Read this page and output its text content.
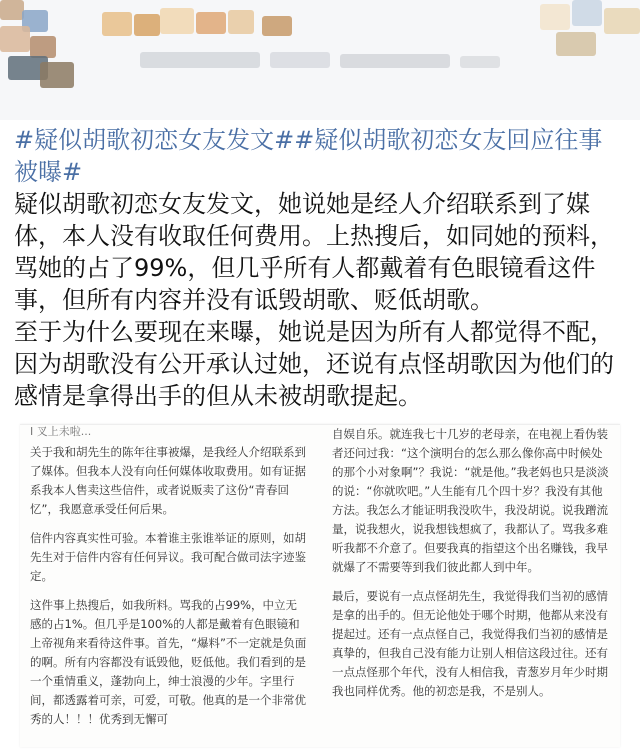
#疑似胡歌初恋女友发文##疑似胡歌初恋女友回应往事被曝#

疑似胡歌初恋女友发文，她说她是经人介绍联系到了媒体，本人没有收取任何费用。上热搜后，如同她的预料，骂她的占了99%，但几乎所有人都戴着有色眼镜看这件事，但所有内容并没有诋毁胡歌、贬低胡歌。

至于为什么要现在来曝，她说是因为所有人都觉得不配，因为胡歌没有公开承认过她，还说有点怪胡歌因为他们的感情是拿得出手的但从未被胡歌提起。

I 叉上未啦...

关于我和胡先生的陈年往事被爆，是我经人介绍联系到了媒体。但我本人没有向任何媒体收取费用。如有证据系我本人售卖这些信件，或者说贩卖了这份“青春回忆”，我愿意承受任何后果。

信件内容真实性可验。本着谁主张谁举证的原则，如胡先生对于信件内容有任何异议。我可配合做司法字迹鉴定。

这件事上热搜后，如我所料。骂我的占99%，中立无感的占1%。但几乎是100%的人都是戴着有色眼镜和上帝视角来看待这件事。首先，“爆料”不一定就是负面的啊。所有内容都没有诋毁他，贬低他。我们看到的是一个重情重义，蓬勃向上，绅士浪漫的少年。字里行间，都透露着可亲，可爱，可敬。他真的是一个非常优秀的人！！！优秀到无懈可

自娱自乐。就连我七十几岁的老母亲，在电视上看伪装者还问过我：“这个演明台的怎么那么像你高中时候处的那个小对象啊”？我说：“就是他。”我老妈也只是淡淡的说：“你就吹吧。”人生能有几个四十岁？我没有其他方法。我怎么才能证明我没吹牛，我没胡说。说我蹭流量，说我想火，说我想钱想疯了，我都认了。骂我多难听我都不介意了。但要我真的指望这个出名赚钱，我早就爆了不需要等到我们彼此都人到中年。

最后，要说有一点点怪胡先生，我觉得我们当初的感情是拿的出手的。但无论他处于哪个时期，他都从来没有提起过。还有一点点怪自己，我觉得我们当初的感情是真挚的，但我自己没有能力让别人相信这段过往。还有一点点怪那个年代，没有人相信我，青葱岁月年少时期我也同样优秀。他的初恋是我，不是别人。
